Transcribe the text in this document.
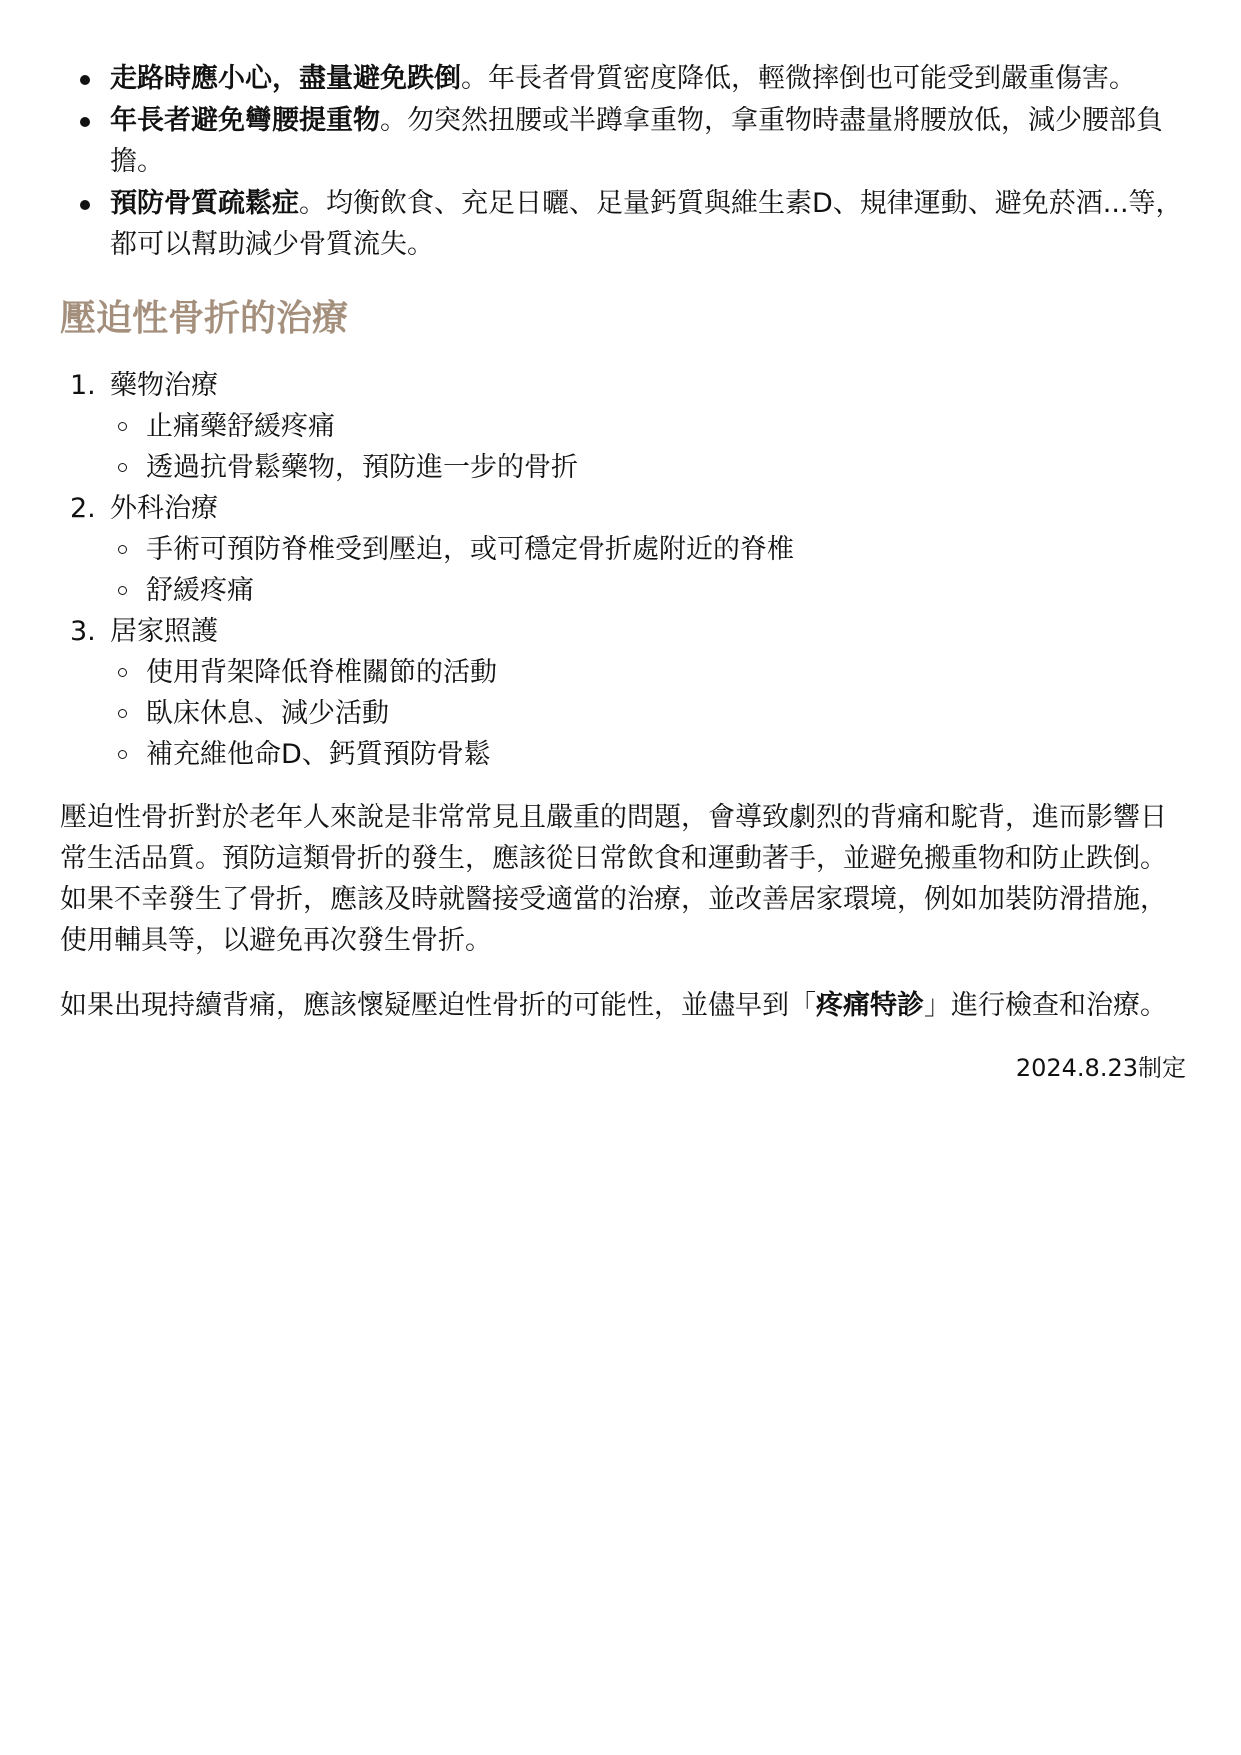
走路時應小心，盡量避免跌倒。年長者骨質密度降低，輕微摔倒也可能受到嚴重傷害。
年長者避免彎腰提重物。勿突然扭腰或半蹲拿重物，拿重物時盡量將腰放低，減少腰部負擔。
預防骨質疏鬆症。均衡飲食、充足日曬、足量鈣質與維生素D、規律運動、避免菸酒...等，都可以幫助減少骨質流失。
壓迫性骨折的治療
1. 藥物治療
止痛藥舒緩疼痛
透過抗骨鬆藥物，預防進一步的骨折
2. 外科治療
手術可預防脊椎受到壓迫，或可穩定骨折處附近的脊椎
舒緩疼痛
3. 居家照護
使用背架降低脊椎關節的活動
臥床休息、減少活動
補充維他命D、鈣質預防骨鬆

壓迫性骨折對於老年人來說是非常常見且嚴重的問題，會導致劇烈的背痛和駝背，進而影響日常生活品質。預防這類骨折的發生，應該從日常飲食和運動著手，並避免搬重物和防止跌倒。如果不幸發生了骨折，應該及時就醫接受適當的治療，並改善居家環境，例如加裝防滑措施，使用輔具等，以避免再次發生骨折。

如果出現持續背痛，應該懷疑壓迫性骨折的可能性，並儘早到「疼痛特診」進行檢查和治療。

2024.8.23制定
